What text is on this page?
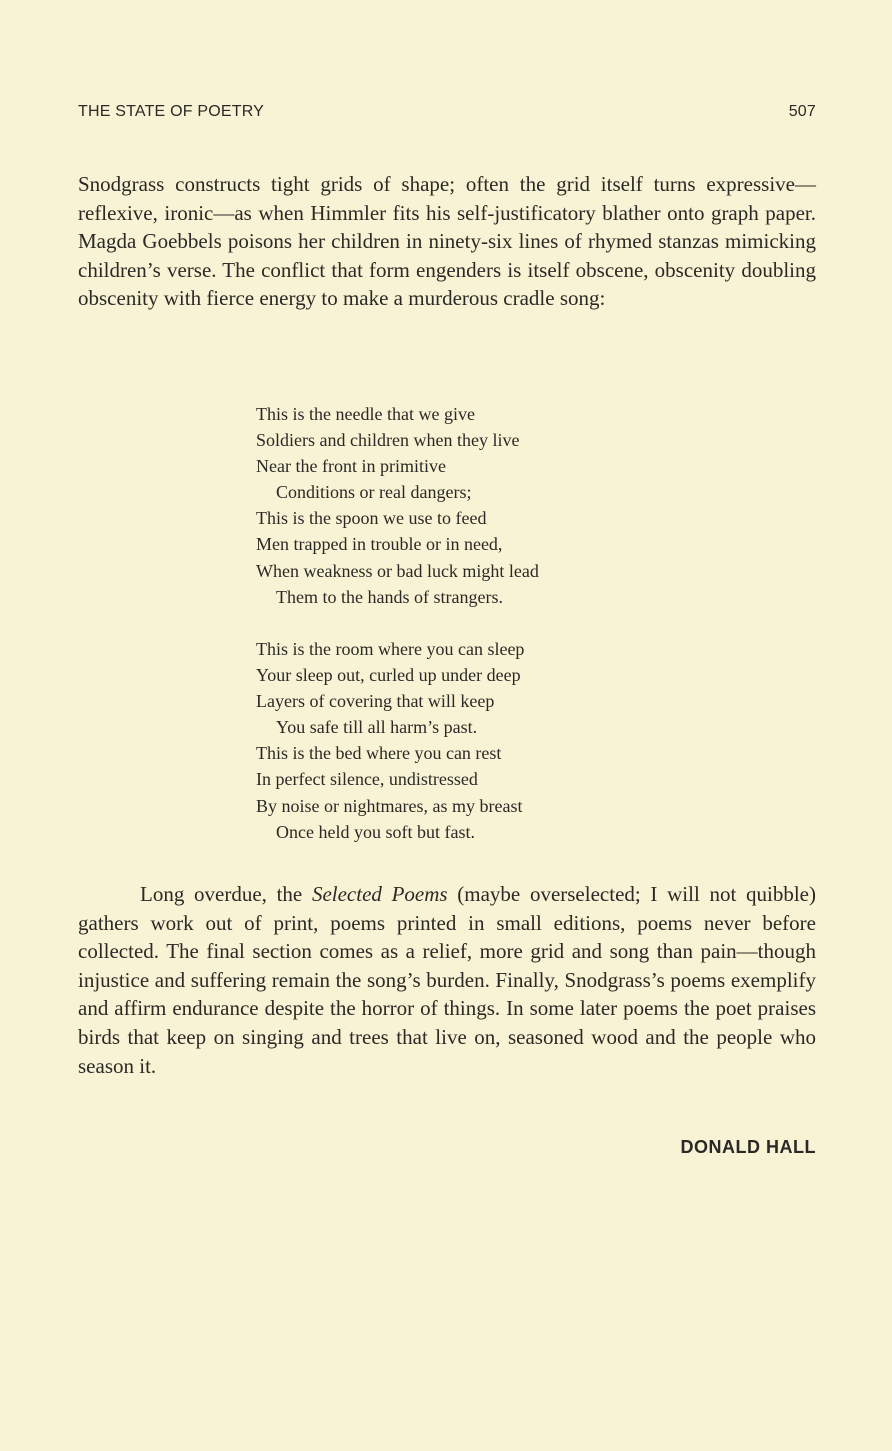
THE STATE OF POETRY	507

Snodgrass constructs tight grids of shape; often the grid itself turns expressive—reflexive, ironic—as when Himmler fits his self-justificatory blather onto graph paper. Magda Goebbels poisons her children in ninety-six lines of rhymed stanzas mimicking children’s verse. The conflict that form engenders is itself obscene, obscenity doubling obscenity with fierce energy to make a murderous cradle song:

This is the needle that we give
Soldiers and children when they live
Near the front in primitive
Conditions or real dangers;
This is the spoon we use to feed
Men trapped in trouble or in need,
When weakness or bad luck might lead
Them to the hands of strangers.
This is the room where you can sleep
Your sleep out, curled up under deep
Layers of covering that will keep
You safe till all harm’s past.
This is the bed where you can rest
In perfect silence, undistressed
By noise or nightmares, as my breast
Once held you soft but fast.

Long overdue, the Selected Poems (maybe overselected; I will not quibble) gathers work out of print, poems printed in small editions, poems never before collected. The final section comes as a relief, more grid and song than pain—though injustice and suffering remain the song’s burden. Finally, Snodgrass’s poems exemplify and affirm endurance despite the horror of things. In some later poems the poet praises birds that keep on singing and trees that live on, seasoned wood and the people who season it.

DONALD HALL
